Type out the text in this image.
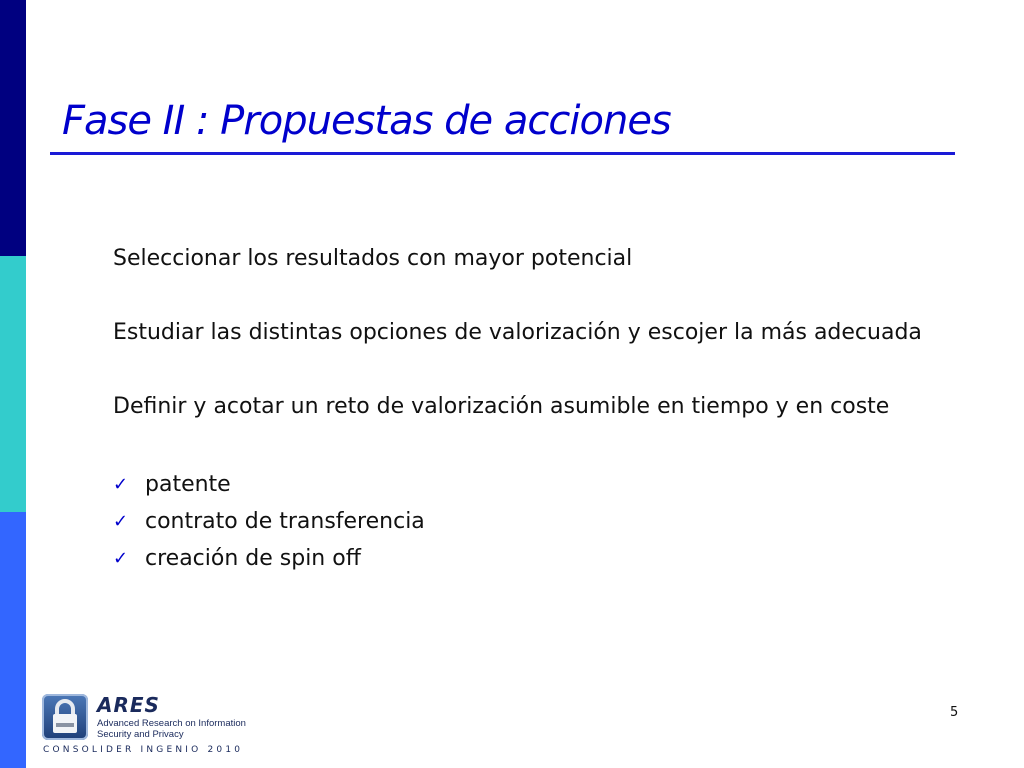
Fase II : Propuestas de acciones

Seleccionar los resultados con mayor potencial

Estudiar las distintas opciones de valorización y escojer la más adecuada

Definir y acotar un reto de valorización asumible en tiempo y en coste

✓ patente
✓ contrato de transferencia
✓ creación de spin off
ARES
Advanced Research on Information
Security and Privacy
CONSOLIDER INGENIO 2010
5
